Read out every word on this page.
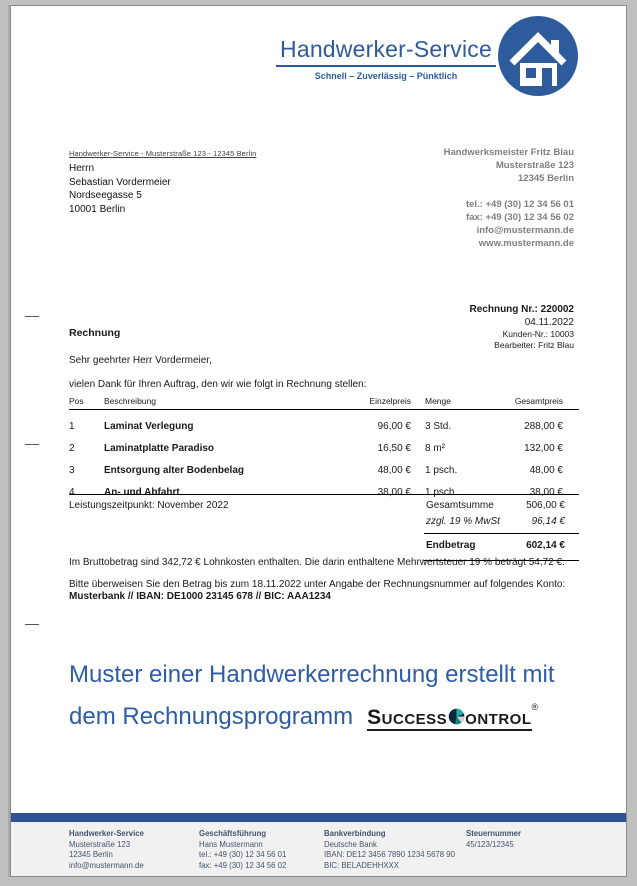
Handwerker-Service
Schnell – Zuverlässig – Pünktlich
Handwerker-Service - Musterstraße 123 - 12345 Berlin
Herrn
Sebastian Vordermeier
Nordseegasse 5
10001 Berlin
Handwerksmeister Fritz Blau
Musterstraße 123
12345 Berlin
tel.: +49 (30) 12 34 56 01
fax: +49 (30) 12 34 56 02
info@mustermann.de
www.mustermann.de
Rechnung Nr.: 220002
04.11.2022
Kunden-Nr.: 10003
Bearbeiter: Fritz Blau
Rechnung
Sehr geehrter Herr Vordermeier,
vielen Dank für Ihren Auftrag, den wir wie folgt in Rechnung stellen:
Pos	Beschreibung	Einzelpreis	Menge	Gesamtpreis
1	Laminat Verlegung	96,00 €	3 Std.	288,00 €
2	Laminatplatte Paradiso	16,50 €	8 m²	132,00 €
3	Entsorgung alter Bodenbelag	48,00 €	1 psch.	48,00 €
4	An- und Abfahrt	38,00 €	1 psch.	38,00 €
Leistungszeitpunkt: November 2022	Gesamtsumme	506,00 €
zzgl. 19 % MwSt	96,14 €
Endbetrag	602,14 €
Im Bruttobetrag sind 342,72 € Lohnkosten enthalten. Die darin enthaltene Mehrwertsteuer 19 % beträgt 54,72 €.
Bitte überweisen Sie den Betrag bis zum 18.11.2022 unter Angabe der Rechnungsnummer auf folgendes Konto:
Musterbank // IBAN: DE1000 23145 678 // BIC: AAA1234
Muster einer Handwerkerrechnung erstellt mit
dem Rechnungsprogramm Success ontrol®
Handwerker-Service
Musterstraße 123
12345 Berlin
info@mustermann.de
Geschäftsführung
Hans Mustermann
tel.: +49 (30) 12 34 56 01
fax: +49 (30) 12 34 56 02
Bankverbindung
Deutsche Bank
IBAN: DE12 3456 7890 1234 5678 90
BIC: BELADEHHXXX
Steuernummer
45/123/12345
